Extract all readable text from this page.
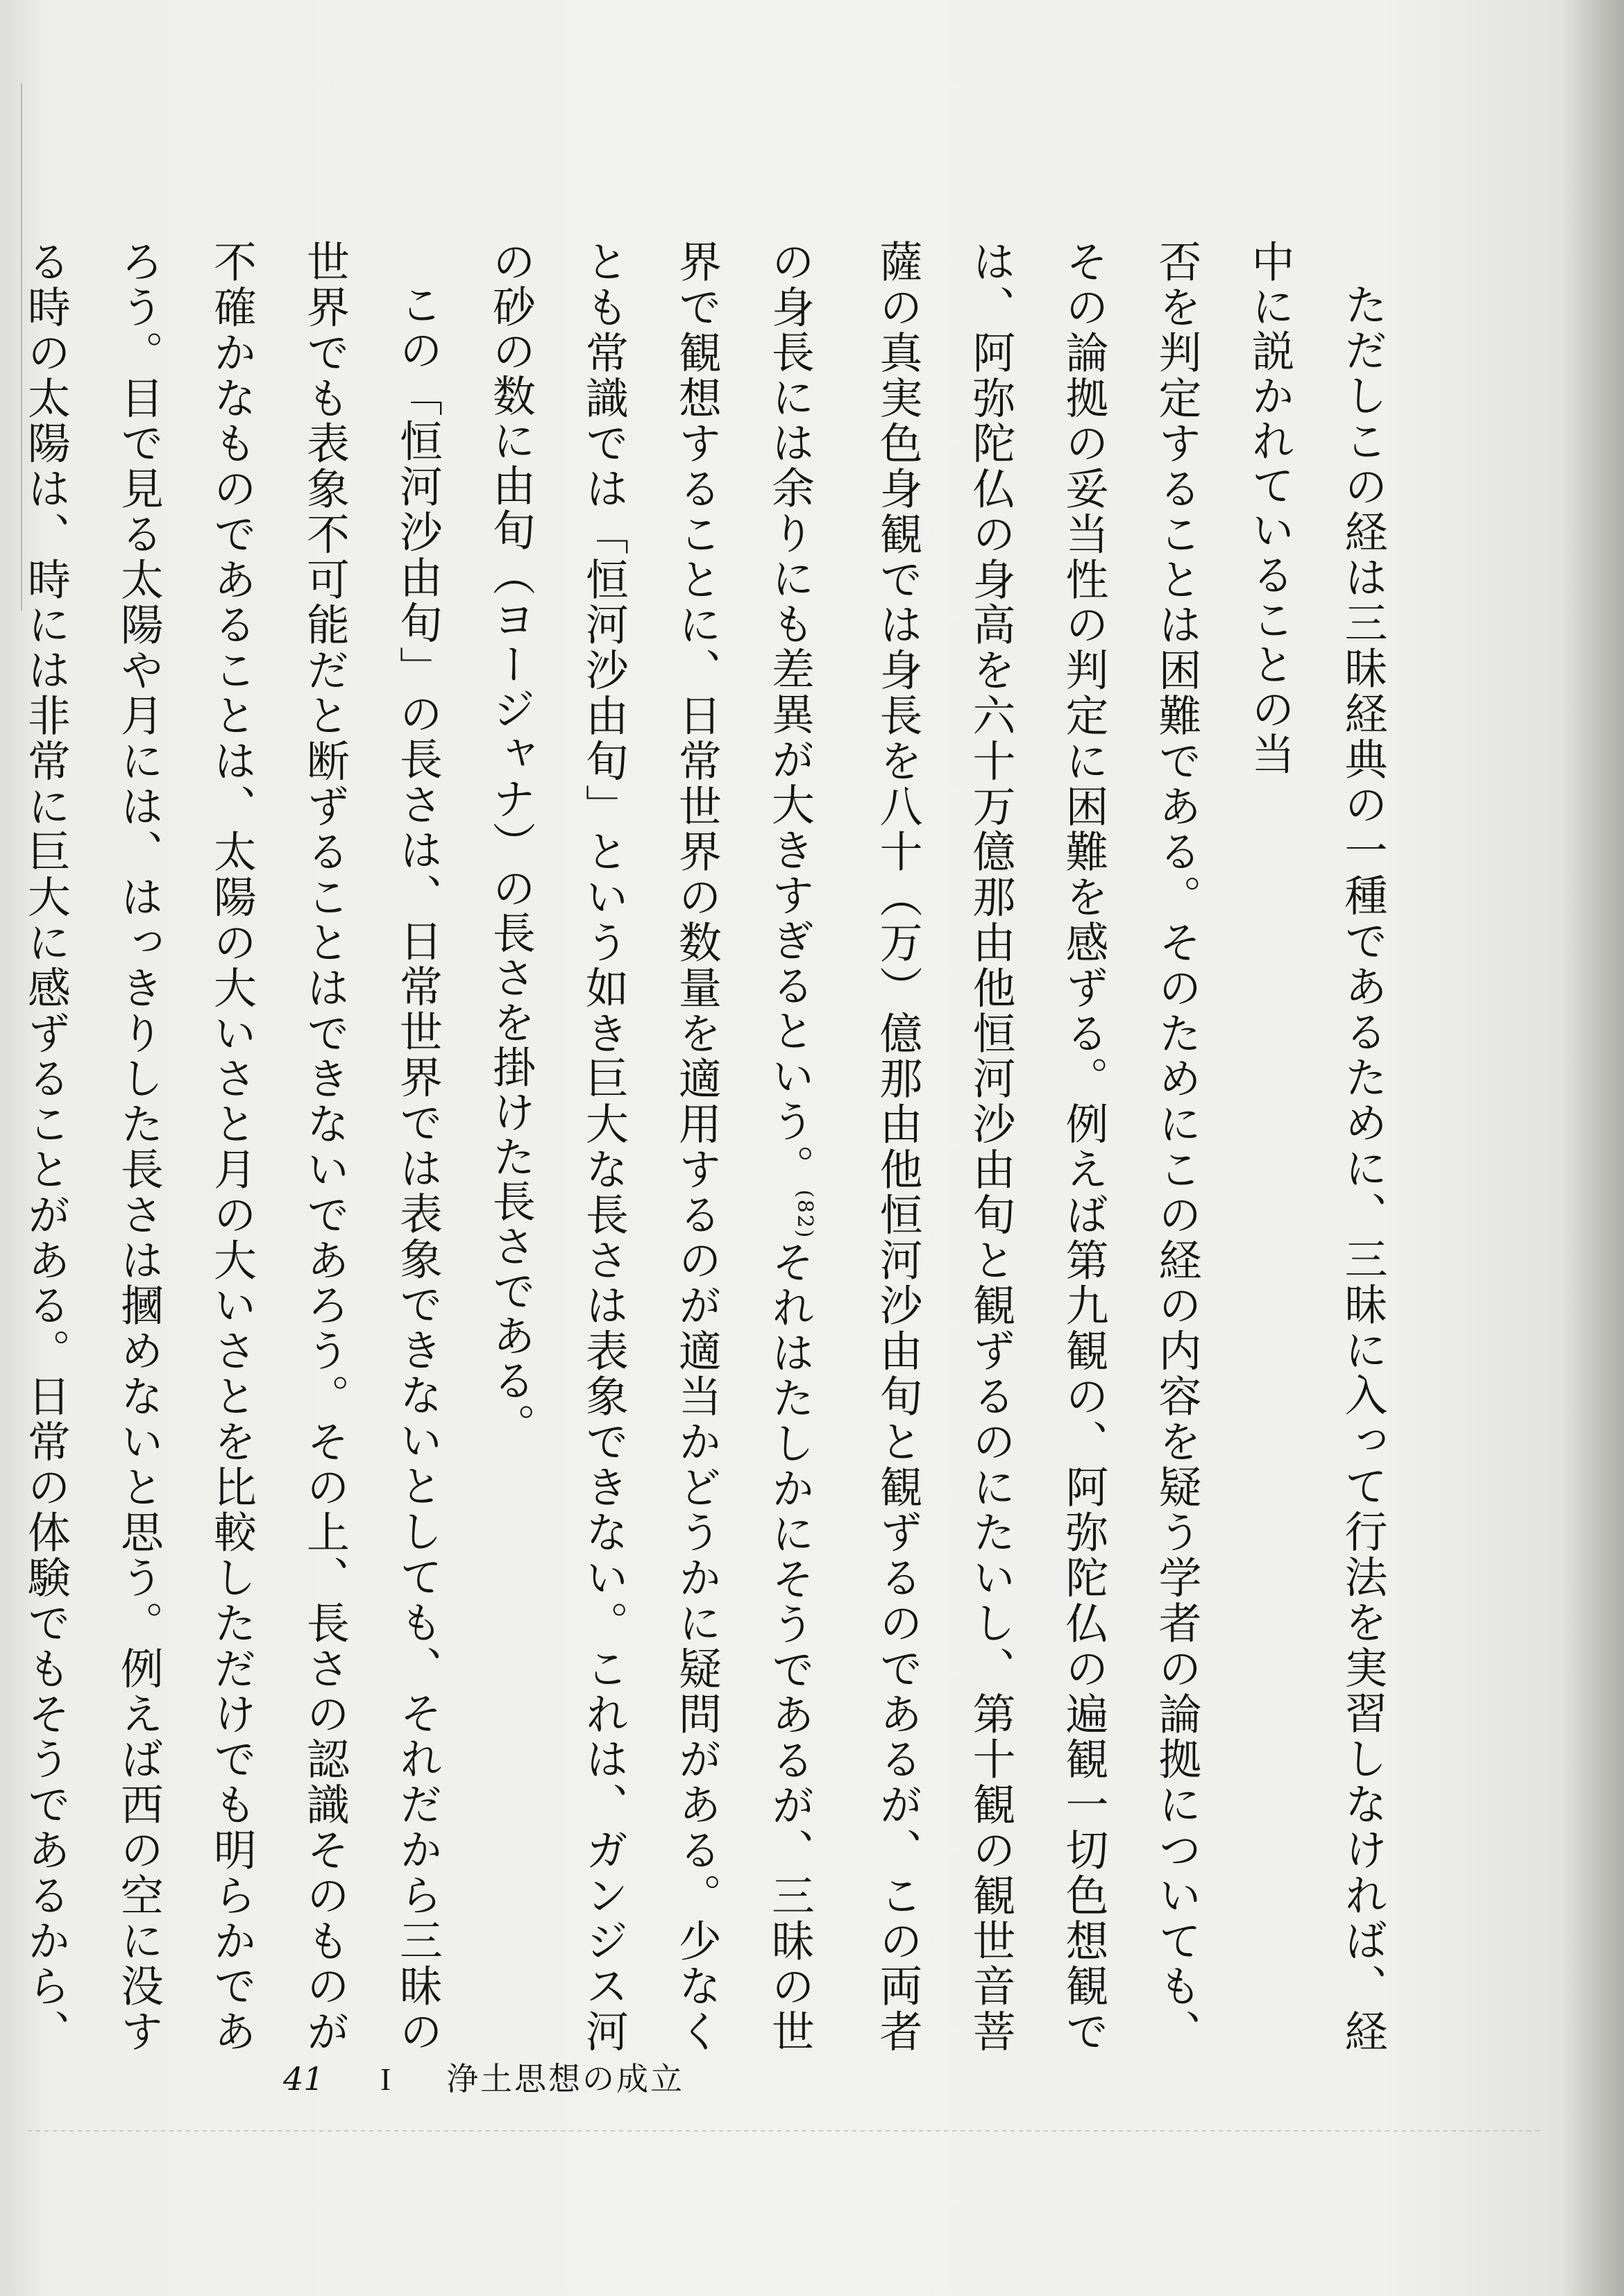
ただしこの経は三昧経典の一種であるために、三昧に入って行法を実習しなければ、経中に説かれていることの当
否を判定することは困難である。そのためにこの経の内容を疑う学者の論拠についても、その論拠の妥当性の判定に困難を感ずる。例えば第九観の、阿弥陀仏の遍観一切色想観では、阿弥陀仏の身高を六十万億那由他恒河沙由旬と観ずるのにたいし、第十観の観世音菩薩の真実色身観では身長を八十（万）億那由他恒河沙由旬と観ずるのであるが、この両者の身長には余りにも差異が大きすぎるという。$^{(82)}$それはたしかにそうであるが、三昧の世界で観想することに、日常世界の数量を適用するのが適当かどうかに疑問がある。少なくとも常識では「恒河沙由旬」という如き巨大な長さは表象できない。これは、ガンジス河の砂の数に由旬（ヨージャナ）の長さを掛けた長さである。

この「恒河沙由旬」の長さは、日常世界では表象できないとしても、それだから三昧の世界でも表象不可能だと断ずることはできないであろう。その上、長さの認識そのものが不確かなものであることは、太陽の大いさと月の大いさとを比較しただけでも明らかであろう。目で見る太陽や月には、はっきりした長さは摑めないと思う。例えば西の空に没する時の太陽は、時には非常に巨大に感ずることがある。日常の体験でもそうであるから、

41	I	浄土思想の成立
